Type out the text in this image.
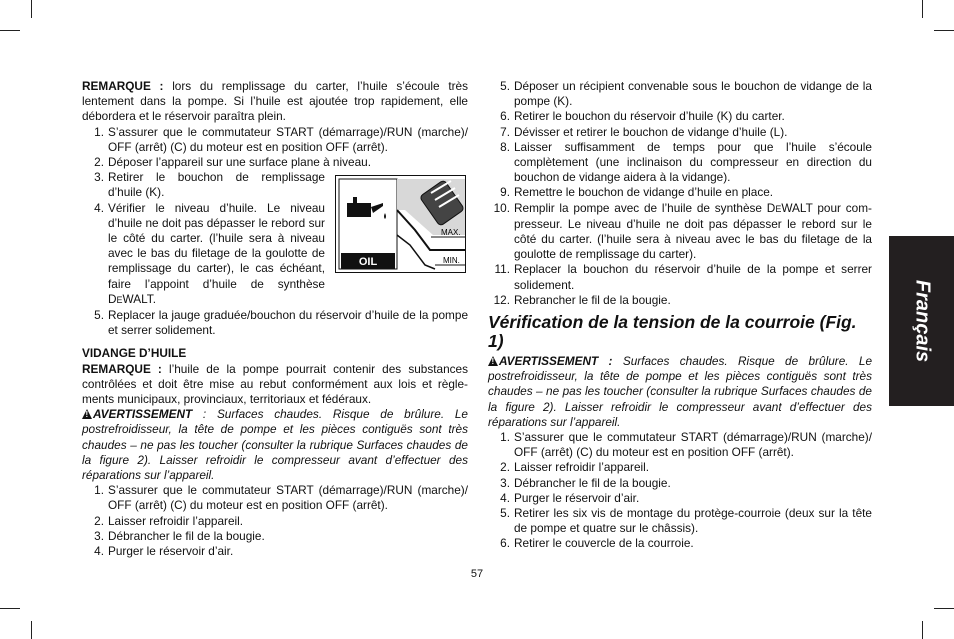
REMARQUE : lors du remplissage du carter, l’huile s’écoule très lentement dans la pompe. Si l’huile est ajoutée trop rapidement, elle débordera et le réservoir paraîtra plein.

1. S’assurer que le commutateur START (démarrage)/RUN (marche)/ OFF (arrêt) (C) du moteur est en position OFF (arrêt).
2. Déposer l’appareil sur une surface plane à niveau.
3. Retirer le bouchon de remplissage d’huile (K).
4. Vérifier le niveau d’huile. Le niveau d’huile ne doit pas dépasser le rebord sur le côté du carter. (l’huile sera à niveau avec le bas du filetage de la goulotte de remplissage du carter), le cas échéant, faire l’appoint d’huile de synthèse DEWALT.
5. Replacer la jauge graduée/bouchon du réservoir d’huile de la pompe et serrer solidement.

VIDANGE D’HUILE

REMARQUE : l’huile de la pompe pourrait contenir des substances contrôlées et doit être mise au rebut conformément aux lois et règle-ments municipaux, provinciaux, territoriaux et fédéraux.

!AVERTISSEMENT : Surfaces chaudes. Risque de brûlure. Le postrefroidisseur, la tête de pompe et les pièces contiguës sont très chaudes – ne pas les toucher (consulter la rubrique Surfaces chaudes de la figure 2). Laisser refroidir le compresseur avant d’effectuer des réparations sur l’appareil.

1. S’assurer que le commutateur START (démarrage)/RUN (marche)/ OFF (arrêt) (C) du moteur est en position OFF (arrêt).
2. Laisser refroidir l’appareil.
3. Débrancher le fil de la bougie.
4. Purger le réservoir d’air.
OIL
MAX.
MIN.
5. Déposer un récipient convenable sous le bouchon de vidange de la pompe (K).
6. Retirer le bouchon du réservoir d’huile (K) du carter.
7. Dévisser et retirer le bouchon de vidange d’huile (L).
8. Laisser suffisamment de temps pour que l’huile s’écoule complètement (une inclinaison du compresseur en direction du bouchon de vidange aidera à la vidange).
9. Remettre le bouchon de vidange d’huile en place.
10. Remplir la pompe avec de l’huile de synthèse DEWALT pour com-presseur. Le niveau d’huile ne doit pas dépasser le rebord sur le côté du carter. (l’huile sera à niveau avec le bas du filetage de la goulotte de remplissage du carter).
11. Replacer la bouchon du réservoir d’huile de la pompe et serrer solidement.
12. Rebrancher le fil de la bougie.

Vérification de la tension de la courroie (Fig. 1)

!AVERTISSEMENT : Surfaces chaudes. Risque de brûlure. Le postrefroidisseur, la tête de pompe et les pièces contiguës sont très chaudes – ne pas les toucher (consulter la rubrique Surfaces chaudes de la figure 2). Laisser refroidir le compresseur avant d’effectuer des réparations sur l’appareil.

1. S’assurer que le commutateur START (démarrage)/RUN (marche)/ OFF (arrêt) (C) du moteur est en position OFF (arrêt).
2. Laisser refroidir l’appareil.
3. Débrancher le fil de la bougie.
4. Purger le réservoir d’air.
5. Retirer les six vis de montage du protège-courroie (deux sur la tête de pompe et quatre sur le châssis).
6. Retirer le couvercle de la courroie.
Français
57
